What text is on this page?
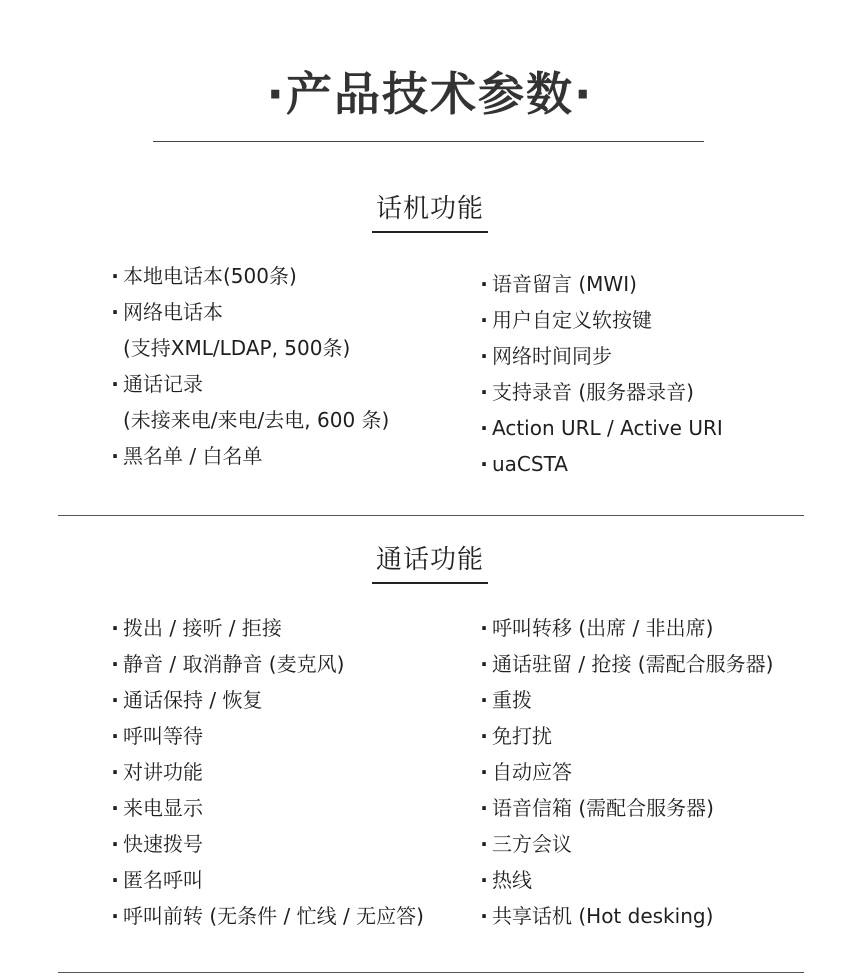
·产品技术参数·
话机功能
· 本地电话本(500条)
· 网络电话本
(支持XML/LDAP, 500条)
· 通话记录
(未接来电/来电/去电, 600 条)
· 黑名单 / 白名单
· 语音留言 (MWI)
· 用户自定义软按键
· 网络时间同步
· 支持录音 (服务器录音)
· Action URL / Active URI
· uaCSTA
通话功能
· 拨出 / 接听 / 拒接
· 静音 / 取消静音 (麦克风)
· 通话保持 / 恢复
· 呼叫等待
· 对讲功能
· 来电显示
· 快速拨号
· 匿名呼叫
· 呼叫前转 (无条件 / 忙线 / 无应答)
· 呼叫转移 (出席 / 非出席)
· 通话驻留 / 抢接 (需配合服务器)
· 重拨
· 免打扰
· 自动应答
· 语音信箱 (需配合服务器)
· 三方会议
· 热线
· 共享话机 (Hot desking)
